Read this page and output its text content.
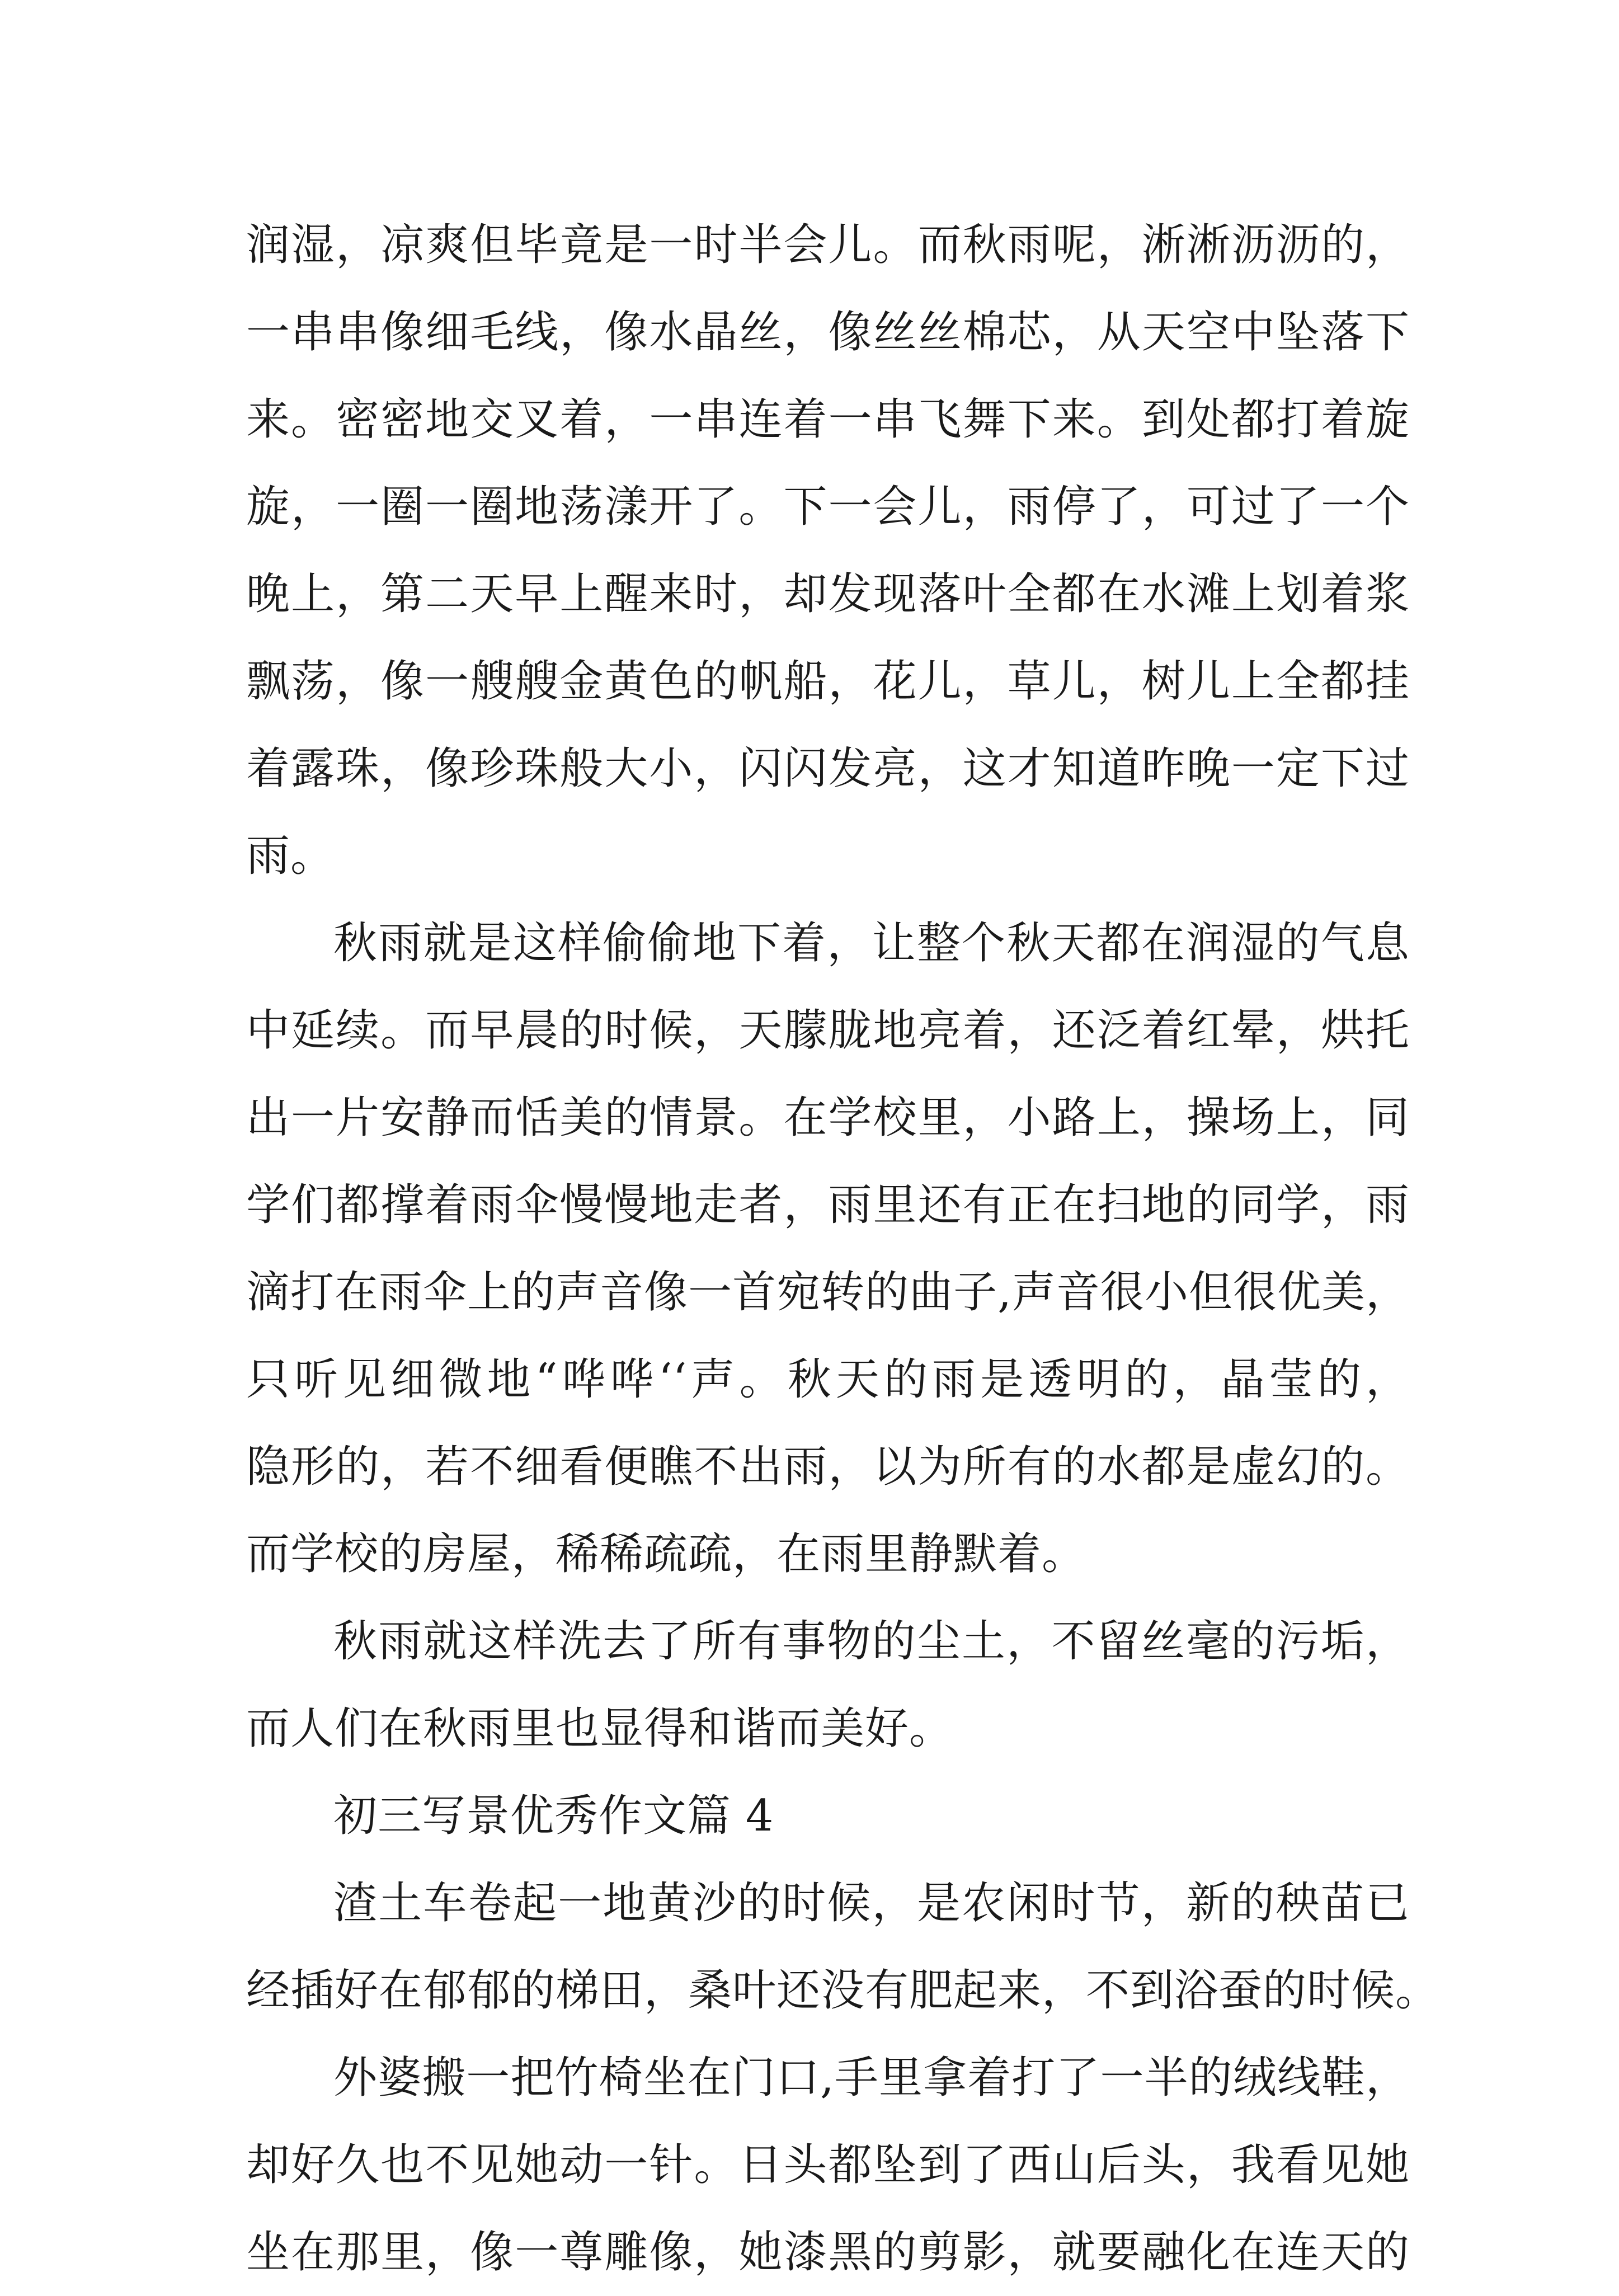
润湿，凉爽但毕竟是一时半会儿。而秋雨呢，淅淅沥沥的，
一串串像细毛线，像水晶丝，像丝丝棉芯，从天空中坠落下
来。密密地交叉着，一串连着一串飞舞下来。到处都打着旋
旋，一圈一圈地荡漾开了。下一会儿，雨停了，可过了一个
晚上，第二天早上醒来时，却发现落叶全都在水滩上划着浆
飘荡，像一艘艘金黄色的帆船，花儿，草儿，树儿上全都挂
着露珠，像珍珠般大小，闪闪发亮，这才知道昨晚一定下过
雨。
秋雨就是这样偷偷地下着，让整个秋天都在润湿的气息
中延续。而早晨的时候，天朦胧地亮着，还泛着红晕，烘托
出一片安静而恬美的情景。在学校里，小路上，操场上，同
学们都撑着雨伞慢慢地走者，雨里还有正在扫地的同学，雨
滴打在雨伞上的声音像一首宛转的曲子,声音很小但很优美，
只听见细微地“哗哗‘‘声。秋天的雨是透明的，晶莹的，
隐形的，若不细看便瞧不出雨，以为所有的水都是虚幻的。
而学校的房屋，稀稀疏疏，在雨里静默着。
秋雨就这样洗去了所有事物的尘土，不留丝毫的污垢，
而人们在秋雨里也显得和谐而美好。
初三写景优秀作文篇 4
渣土车卷起一地黄沙的时候，是农闲时节，新的秧苗已
经插好在郁郁的梯田，桑叶还没有肥起来，不到浴蚕的时候。
外婆搬一把竹椅坐在门口,手里拿着打了一半的绒线鞋，
却好久也不见她动一针。日头都坠到了西山后头，我看见她
坐在那里，像一尊雕像，她漆黑的剪影，就要融化在连天的
